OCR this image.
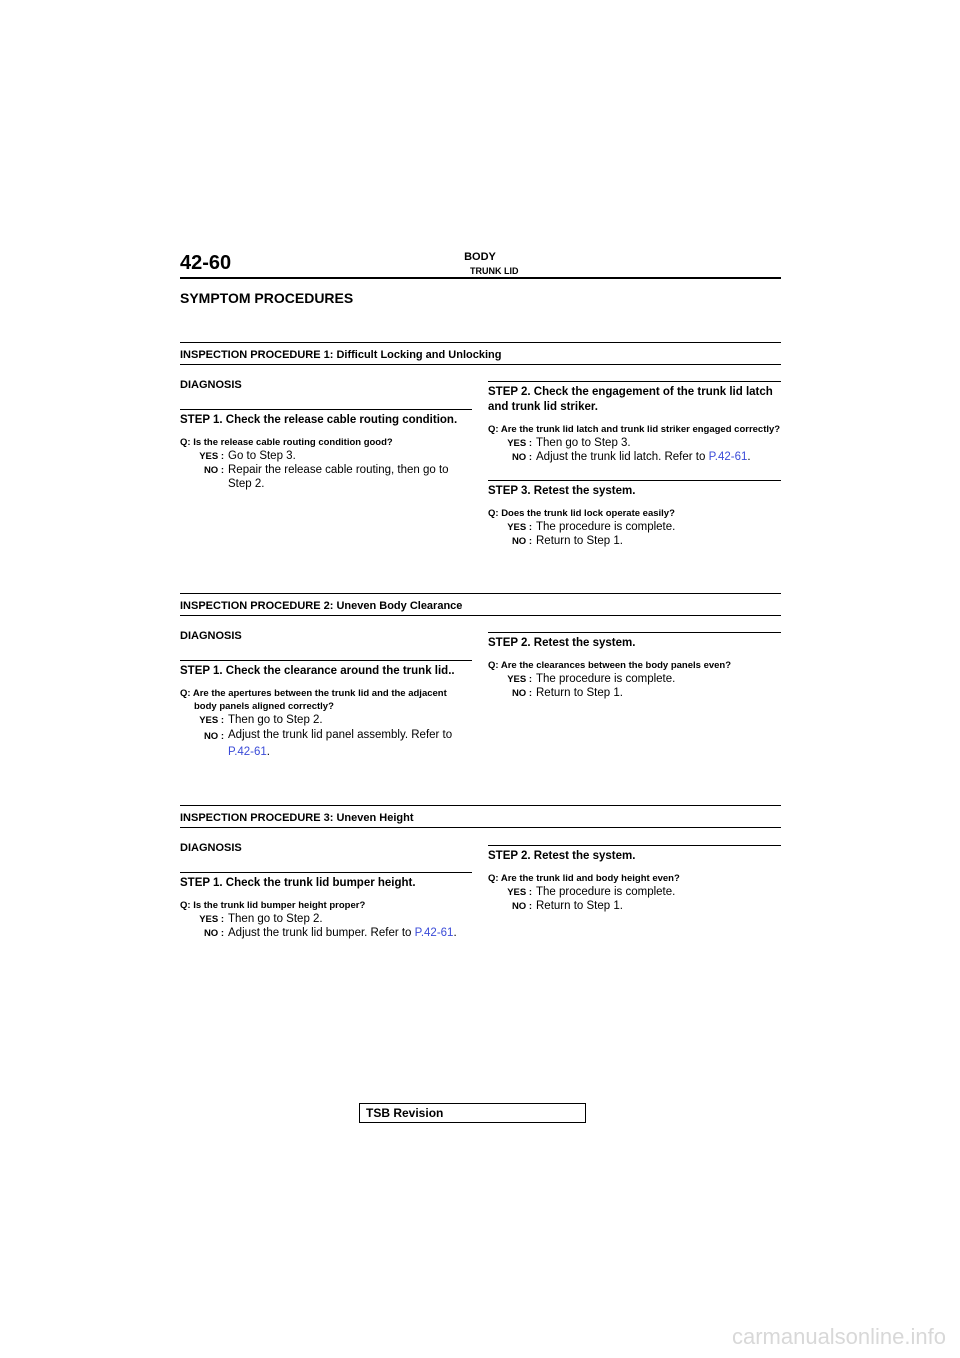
42-60	BODY
TRUNK LID
SYMPTOM PROCEDURES
INSPECTION PROCEDURE 1: Difficult Locking and Unlocking
DIAGNOSIS
STEP 1. Check the release cable routing condition.
Q: Is the release cable routing condition good?
YES : Go to Step 3.
NO : Repair the release cable routing, then go to Step 2.
STEP 2. Check the engagement of the trunk lid latch and trunk lid striker.
Q: Are the trunk lid latch and trunk lid striker engaged correctly?
YES : Then go to Step 3.
NO : Adjust the trunk lid latch. Refer to P.42-61.
STEP 3. Retest the system.
Q: Does the trunk lid lock operate easily?
YES : The procedure is complete.
NO : Return to Step 1.
INSPECTION PROCEDURE 2: Uneven Body Clearance
DIAGNOSIS
STEP 1. Check the clearance around the trunk lid..
Q: Are the apertures between the trunk lid and the adjacent body panels aligned correctly?
YES : Then go to Step 2.
NO : Adjust the trunk lid panel assembly. Refer to P.42-61.
STEP 2. Retest the system.
Q: Are the clearances between the body panels even?
YES : The procedure is complete.
NO : Return to Step 1.
INSPECTION PROCEDURE 3: Uneven Height
DIAGNOSIS
STEP 1. Check the trunk lid bumper height.
Q: Is the trunk lid bumper height proper?
YES : Then go to Step 2.
NO : Adjust the trunk lid bumper. Refer to P.42-61.
STEP 2. Retest the system.
Q: Are the trunk lid and body height even?
YES : The procedure is complete.
NO : Return to Step 1.
TSB Revision
carmanualsonline.info
